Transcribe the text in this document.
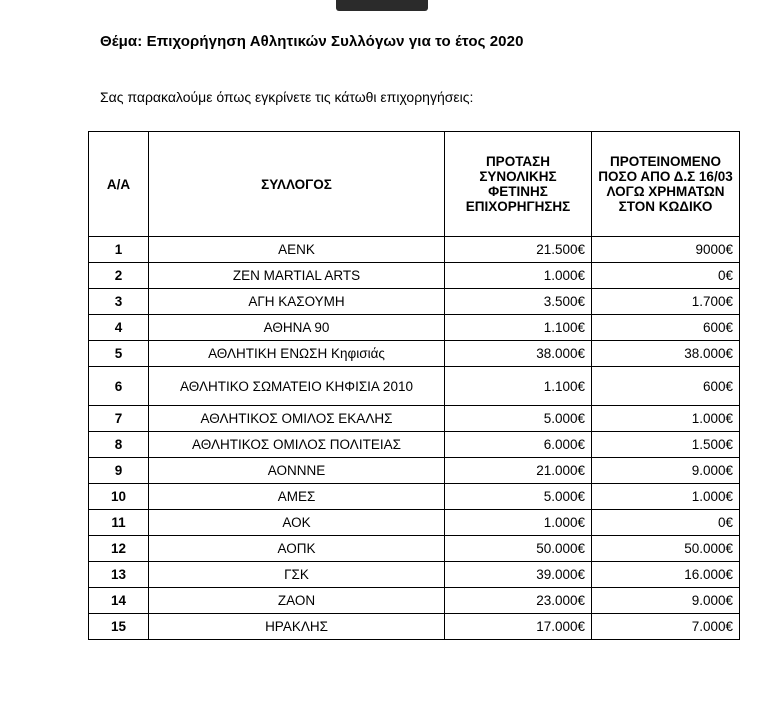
Θέμα: Επιχορήγηση Αθλητικών Συλλόγων για το έτος 2020
Σας παρακαλούμε όπως εγκρίνετε τις κάτωθι επιχορηγήσεις:
Α/Α	ΣΥΛΛΟΓΟΣ	ΠΡΟΤΑΣΗ ΣΥΝΟΛΙΚΗΣ ΦΕΤΙΝΗΣ ΕΠΙΧΟΡΗΓΗΣΗΣ	ΠΡΟΤΕΙΝΟΜΕΝΟ ΠΟΣΟ ΑΠΟ Δ.Σ 16/03 ΛΟΓΩ ΧΡΗΜΑΤΩΝ ΣΤΟΝ ΚΩΔΙΚΟ
1	AENK	21.500€	9000€
2	ZEN MARTIAL ARTS	1.000€	0€
3	ΑΓΗ ΚΑΣΟΥΜΗ	3.500€	1.700€
4	ΑΘΗΝΑ 90	1.100€	600€
5	ΑΘΛΗΤΙΚΗ ΕΝΩΣΗ Κηφισιάς	38.000€	38.000€
6	ΑΘΛΗΤΙΚΟ ΣΩΜΑΤΕΙΟ ΚΗΦΙΣΙΑ 2010	1.100€	600€
7	ΑΘΛΗΤΙΚΟΣ ΟΜΙΛΟΣ ΕΚΑΛΗΣ	5.000€	1.000€
8	ΑΘΛΗΤΙΚΟΣ ΟΜΙΛΟΣ ΠΟΛΙΤΕΙΑΣ	6.000€	1.500€
9	ΑΟΝΝΝΕ	21.000€	9.000€
10	ΑΜΕΣ	5.000€	1.000€
11	ΑΟΚ	1.000€	0€
12	ΑΟΠΚ	50.000€	50.000€
13	ΓΣΚ	39.000€	16.000€
14	ΖΑΟΝ	23.000€	9.000€
15	ΗΡΑΚΛΗΣ	17.000€	7.000€
